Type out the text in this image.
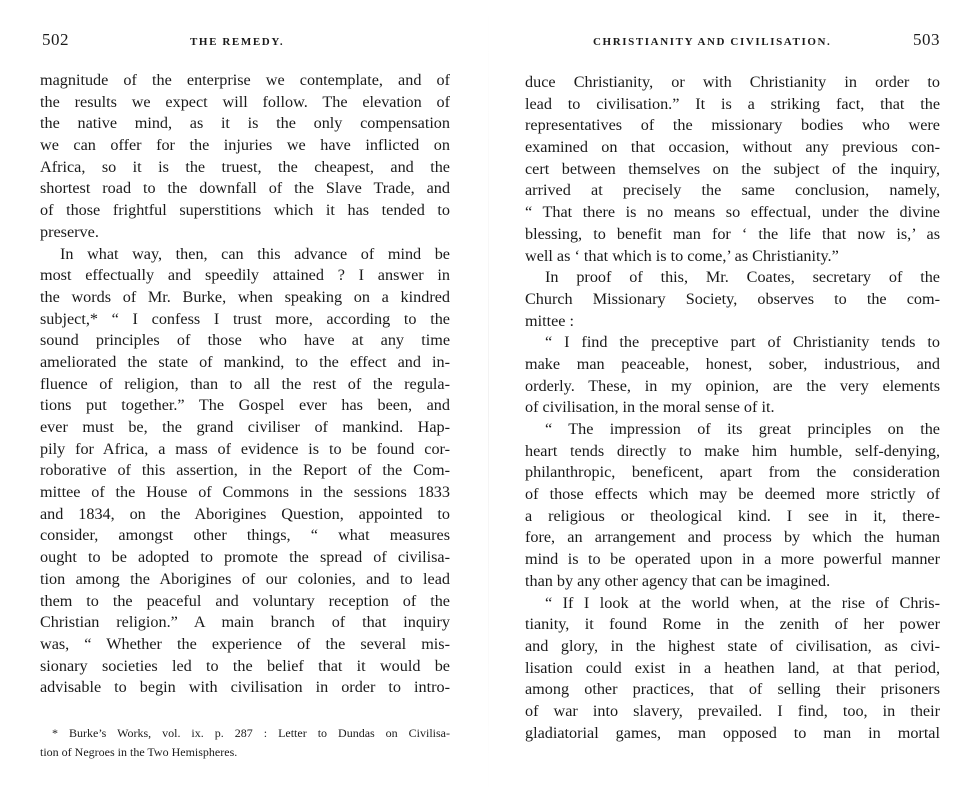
502	THE REMEDY.
magnitude of the enterprise we contemplate, and of
the results we expect will follow. The elevation of
the native mind, as it is the only compensation
we can offer for the injuries we have inflicted on
Africa, so it is the truest, the cheapest, and the
shortest road to the downfall of the Slave Trade, and
of those frightful superstitions which it has tended to
preserve.
In what way, then, can this advance of mind be
most effectually and speedily attained ? I answer in
the words of Mr. Burke, when speaking on a kindred
subject,* “ I confess I trust more, according to the
sound principles of those who have at any time
ameliorated the state of mankind, to the effect and in-
fluence of religion, than to all the rest of the regula-
tions put together.” The Gospel ever has been, and
ever must be, the grand civiliser of mankind. Hap-
pily for Africa, a mass of evidence is to be found cor-
roborative of this assertion, in the Report of the Com-
mittee of the House of Commons in the sessions 1833
and 1834, on the Aborigines Question, appointed to
consider, amongst other things, “ what measures
ought to be adopted to promote the spread of civilisa-
tion among the Aborigines of our colonies, and to lead
them to the peaceful and voluntary reception of the
Christian religion.” A main branch of that inquiry
was, “ Whether the experience of the several mis-
sionary societies led to the belief that it would be
advisable to begin with civilisation in order to intro-
* Burke’s Works, vol. ix. p. 287 : Letter to Dundas on Civilisa-
tion of Negroes in the Two Hemispheres.
CHRISTIANITY AND CIVILISATION.	503
duce Christianity, or with Christianity in order to
lead to civilisation.” It is a striking fact, that the
representatives of the missionary bodies who were
examined on that occasion, without any previous con-
cert between themselves on the subject of the inquiry,
arrived at precisely the same conclusion, namely,
“ That there is no means so effectual, under the divine
blessing, to benefit man for ‘ the life that now is,’ as
well as ‘ that which is to come,’ as Christianity.”
In proof of this, Mr. Coates, secretary of the
Church Missionary Society, observes to the com-
mittee :
“ I find the preceptive part of Christianity tends to
make man peaceable, honest, sober, industrious, and
orderly. These, in my opinion, are the very elements
of civilisation, in the moral sense of it.
“ The impression of its great principles on the
heart tends directly to make him humble, self-denying,
philanthropic, beneficent, apart from the consideration
of those effects which may be deemed more strictly of
a religious or theological kind. I see in it, there-
fore, an arrangement and process by which the human
mind is to be operated upon in a more powerful manner
than by any other agency that can be imagined.
“ If I look at the world when, at the rise of Chris-
tianity, it found Rome in the zenith of her power
and glory, in the highest state of civilisation, as civi-
lisation could exist in a heathen land, at that period,
among other practices, that of selling their prisoners
of war into slavery, prevailed. I find, too, in their
gladiatorial games, man opposed to man in mortal
